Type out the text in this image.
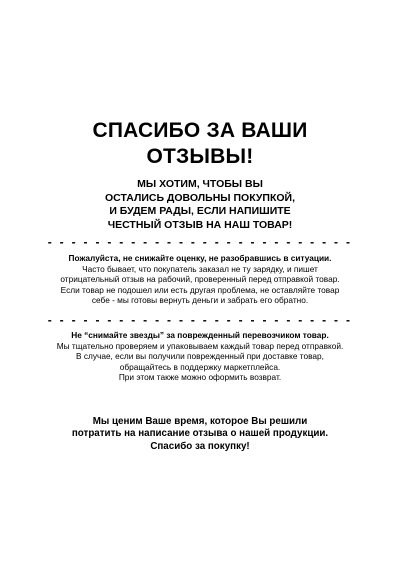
СПАСИБО ЗА ВАШИ
ОТЗЫВЫ!
МЫ ХОТИМ, ЧТОБЫ ВЫ
ОСТАЛИСЬ ДОВОЛЬНЫ ПОКУПКОЙ,
И БУДЕМ РАДЫ, ЕСЛИ НАПИШИТЕ
ЧЕСТНЫЙ ОТЗЫВ НА НАШ ТОВАР!
- - - - - - - - - - - - - - - - - - - - - - - - - -
Пожалуйста, не снижайте оценку, не разобравшись в ситуации.
Часто бывает, что покупатель заказал не ту зарядку, и пишет
отрицательный отзыв на рабочий, проверенный перед отправкой товар.
Если товар не подошел или есть другая проблема, не оставляйте товар
себе - мы готовы вернуть деньги и забрать его обратно.
- - - - - - - - - - - - - - - - - - - - - - - - - -
Не “снимайте звезды” за поврежденный перевозчиком товар.
Мы тщательно проверяем и упаковываем каждый товар перед отправкой.
В случае, если вы получили поврежденный при доставке товар,
обращайтесь в поддержку маркетплейса.
При этом также можно оформить возврат.
Мы ценим Ваше время, которое Вы решили
потратить на написание отзыва о нашей продукции.
Спасибо за покупку!
